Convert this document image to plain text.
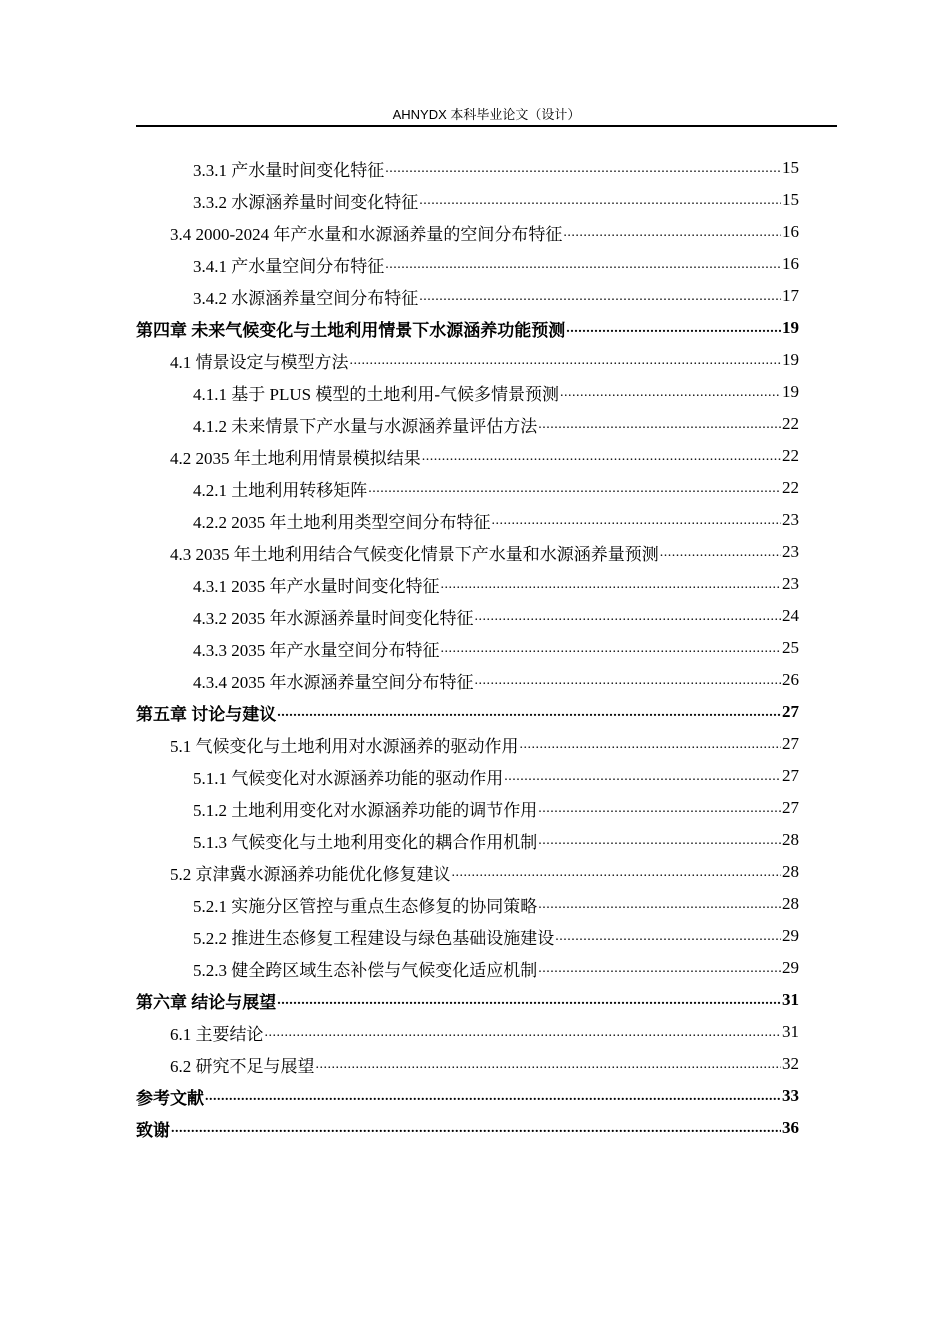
AHNYDX 本科毕业论文（设计）
3.3.1 产水量时间变化特征 .....	15
3.3.2 水源涵养量时间变化特征 .....	15
3.4 2000-2024 年产水量和水源涵养量的空间分布特征 .....	16
3.4.1 产水量空间分布特征 .....	16
3.4.2 水源涵养量空间分布特征 .....	17
第四章 未来气候变化与土地利用情景下水源涵养功能预测 .....	19
4.1 情景设定与模型方法 .....	19
4.1.1 基于 PLUS 模型的土地利用-气候多情景预测 .....	19
4.1.2 未来情景下产水量与水源涵养量评估方法 .....	22
4.2 2035 年土地利用情景模拟结果 .....	22
4.2.1 土地利用转移矩阵 .....	22
4.2.2 2035 年土地利用类型空间分布特征 .....	23
4.3 2035 年土地利用结合气候变化情景下产水量和水源涵养量预测 .....	23
4.3.1 2035 年产水量时间变化特征 .....	23
4.3.2 2035 年水源涵养量时间变化特征 .....	24
4.3.3 2035 年产水量空间分布特征 .....	25
4.3.4 2035 年水源涵养量空间分布特征 .....	26
第五章 讨论与建议 .....	27
5.1 气候变化与土地利用对水源涵养的驱动作用 .....	27
5.1.1 气候变化对水源涵养功能的驱动作用 .....	27
5.1.2 土地利用变化对水源涵养功能的调节作用 .....	27
5.1.3 气候变化与土地利用变化的耦合作用机制 .....	28
5.2 京津冀水源涵养功能优化修复建议 .....	28
5.2.1 实施分区管控与重点生态修复的协同策略 .....	28
5.2.2 推进生态修复工程建设与绿色基础设施建设 .....	29
5.2.3 健全跨区域生态补偿与气候变化适应机制 .....	29
第六章 结论与展望 .....	31
6.1 主要结论 .....	31
6.2 研究不足与展望 .....	32
参考文献 .....	33
致谢 .....	36
